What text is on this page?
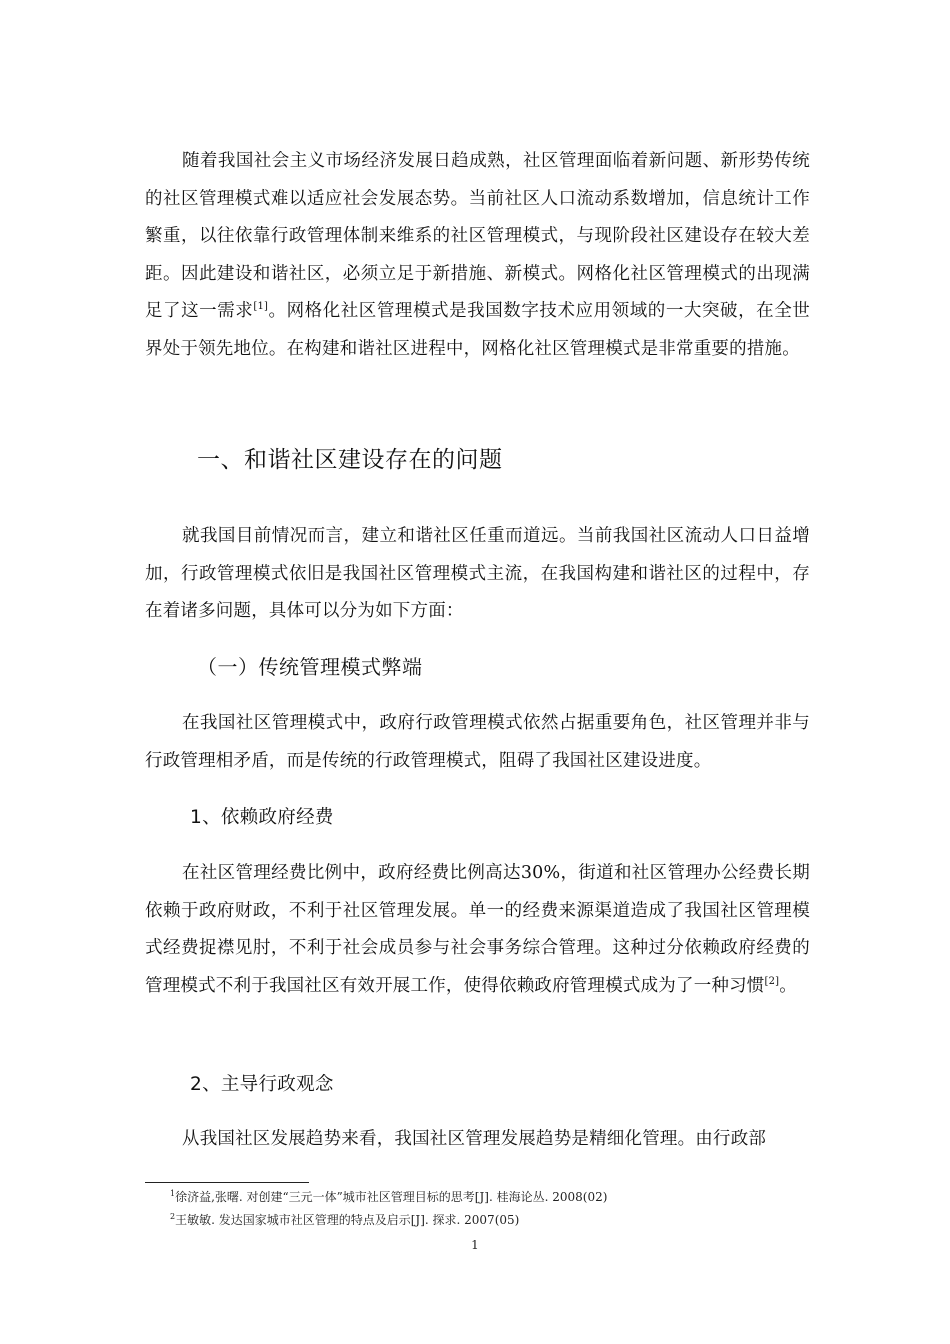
随着我国社会主义市场经济发展日趋成熟，社区管理面临着新问题、新形势传统的社区管理模式难以适应社会发展态势。当前社区人口流动系数增加，信息统计工作繁重，以往依靠行政管理体制来维系的社区管理模式，与现阶段社区建设存在较大差距。因此建设和谐社区，必须立足于新措施、新模式。网格化社区管理模式的出现满足了这一需求[1]。网格化社区管理模式是我国数字技术应用领域的一大突破，在全世界处于领先地位。在构建和谐社区进程中，网格化社区管理模式是非常重要的措施。

一、和谐社区建设存在的问题

就我国目前情况而言，建立和谐社区任重而道远。当前我国社区流动人口日益增加，行政管理模式依旧是我国社区管理模式主流，在我国构建和谐社区的过程中，存在着诸多问题，具体可以分为如下方面：

（一）传统管理模式弊端

在我国社区管理模式中，政府行政管理模式依然占据重要角色，社区管理并非与行政管理相矛盾，而是传统的行政管理模式，阻碍了我国社区建设进度。

1、依赖政府经费

在社区管理经费比例中，政府经费比例高达30%，街道和社区管理办公经费长期依赖于政府财政，不利于社区管理发展。单一的经费来源渠道造成了我国社区管理模式经费捉襟见肘，不利于社会成员参与社会事务综合管理。这种过分依赖政府经费的管理模式不利于我国社区有效开展工作，使得依赖政府管理模式成为了一种习惯[2]。

2、主导行政观念

从我国社区发展趋势来看，我国社区管理发展趋势是精细化管理。由行政部

$^1$徐济益,张曙. 对创建“三元一体”城市社区管理目标的思考[J]. 桂海论丛. 2008(02)

$^2$王敏敏. 发达国家城市社区管理的特点及启示[J]. 探求. 2007(05)

1
